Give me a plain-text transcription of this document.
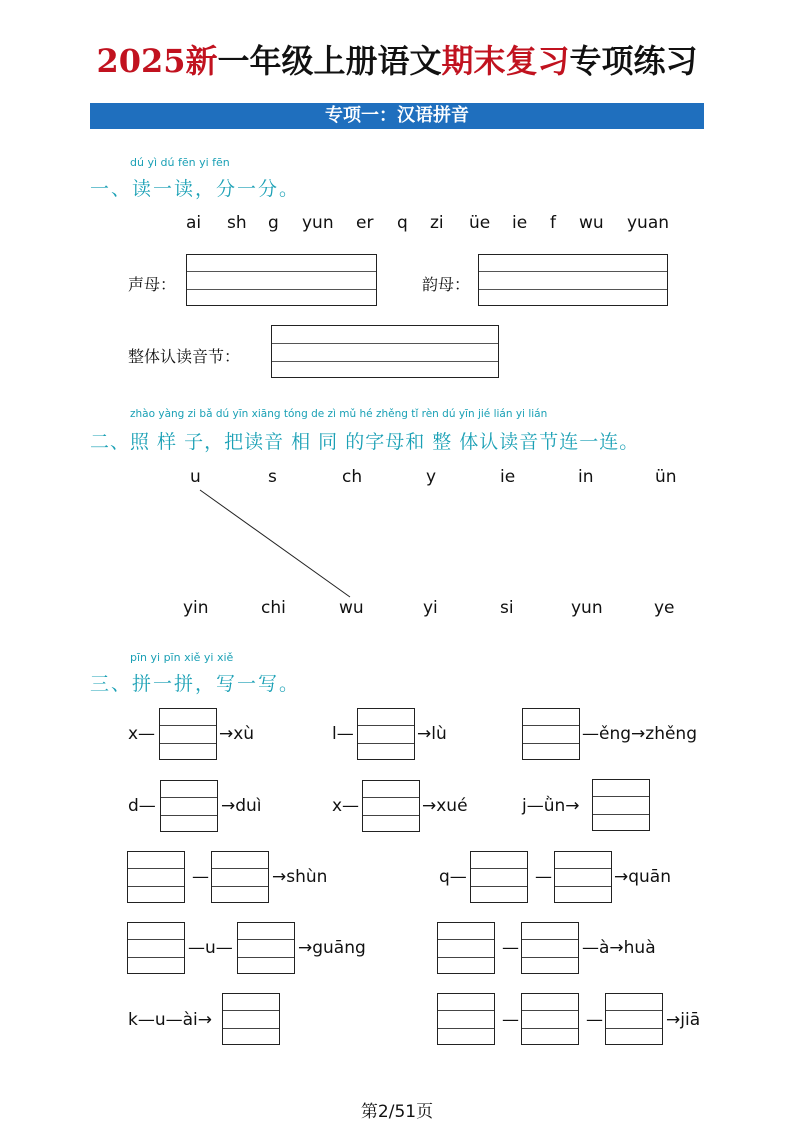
2025新一年级上册语文期末复习专项练习
专项一：汉语拼音
dú yì dú fēn yi fēn
一、读一读，分一分。
ai sh g yun er q zi üe ie f wu yuan
声母：	韵母：
整体认读音节：
zhào yàng zi bǎ dú yīn xiāng tóng de zì mǔ hé zhěng tǐ rèn dú yīn jié lián yi lián
二、照 样 子，把读音 相 同 的字母和 整 体认读音节连一连。
u	s	ch	y	ie	in	ün
yin	chi	wu	yi	si	yun	ye
pīn yi pīn xiě yi xiě
三、拼一拼，写一写。
x—	→xù	l—	→lù	—ěng→zhěng
d—	→duì	x—	→xué	j—ǜn→
—	→shùn	q—	—	→quān
—u—	→guāng	—	—à→huà
k—u—ài→	—	—	→jiā
第2/51页
